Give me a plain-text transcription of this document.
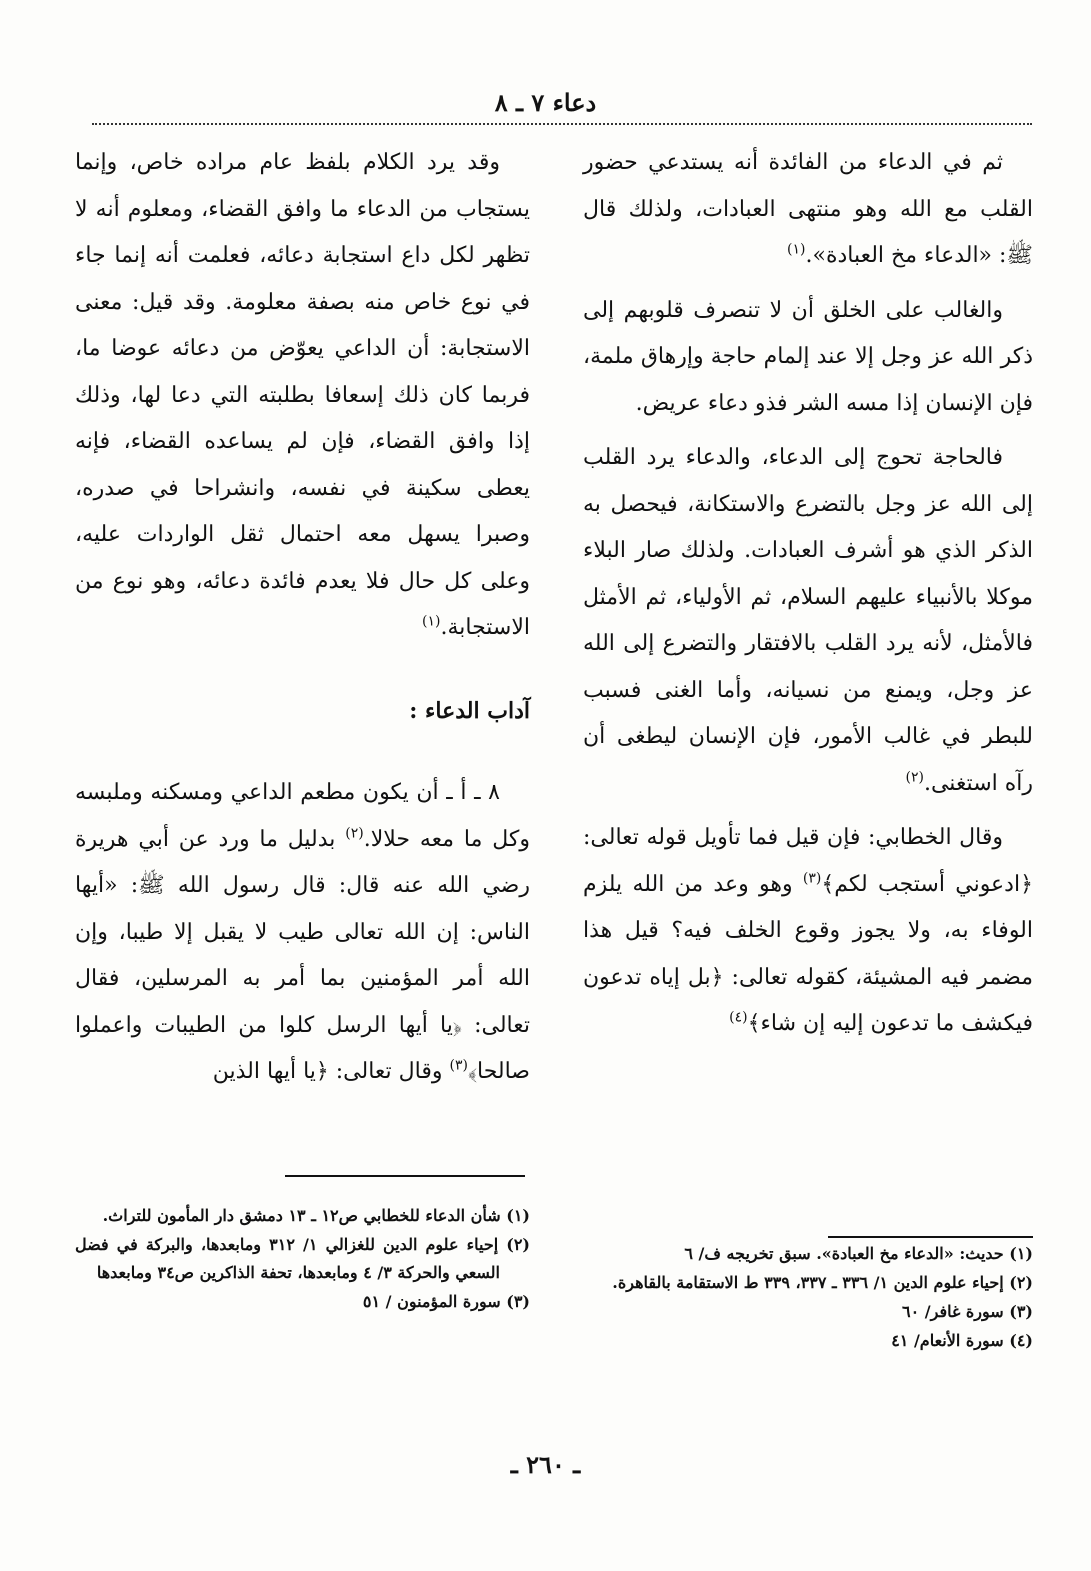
دعاء ٧ ـ ٨

ثم في الدعاء من الفائدة أنه يستدعي حضور القلب مع الله وهو منتهى العبادات، ولذلك قال ﷺ: «الدعاء مخ العبادة».$^{(١)}$

والغالب على الخلق أن لا تنصرف قلوبهم إلى ذكر الله عز وجل إلا عند إلمام حاجة وإرهاق ملمة، فإن الإنسان إذا مسه الشر فذو دعاء عريض.

فالحاجة تحوج إلى الدعاء، والدعاء يرد القلب إلى الله عز وجل بالتضرع والاستكانة، فيحصل به الذكر الذي هو أشرف العبادات. ولذلك صار البلاء موكلا بالأنبياء عليهم السلام، ثم الأولياء، ثم الأمثل فالأمثل، لأنه يرد القلب بالافتقار والتضرع إلى الله عز وجل، ويمنع من نسيانه، وأما الغنى فسبب للبطر في غالب الأمور، فإن الإنسان ليطغى أن رآه استغنى.$^{(٢)}$

وقال الخطابي: فإن قيل فما تأويل قوله تعالى: ﴿ادعوني أستجب لكم﴾$^{(٣)}$ وهو وعد من الله يلزم الوفاء به، ولا يجوز وقوع الخلف فيه؟ قيل هذا مضمر فيه المشيئة، كقوله تعالى: ﴿بل إياه تدعون فيكشف ما تدعون إليه إن شاء﴾$^{(٤)}$

وقد يرد الكلام بلفظ عام مراده خاص، وإنما يستجاب من الدعاء ما وافق القضاء، ومعلوم أنه لا تظهر لكل داع استجابة دعائه، فعلمت أنه إنما جاء في نوع خاص منه بصفة معلومة. وقد قيل: معنى الاستجابة: أن الداعي يعوّض من دعائه عوضا ما، فربما كان ذلك إسعافا بطلبته التي دعا لها، وذلك إذا وافق القضاء، فإن لم يساعده القضاء، فإنه يعطى سكينة في نفسه، وانشراحا في صدره، وصبرا يسهل معه احتمال ثقل الواردات عليه، وعلى كل حال فلا يعدم فائدة دعائه، وهو نوع من الاستجابة.$^{(١)}$

آداب الدعاء :

٨ ـ أ ـ أن يكون مطعم الداعي ومسكنه وملبسه وكل ما معه حلالا.$^{(٢)}$ بدليل ما ورد عن أبي هريرة رضي الله عنه قال: قال رسول الله ﷺ: «أيها الناس: إن الله تعالى طيب لا يقبل إلا طيبا، وإن الله أمر المؤمنين بما أمر به المرسلين، فقال تعالى: ﴿يا أيها الرسل كلوا من الطيبات واعملوا صالحا﴾$^{(٣)}$ وقال تعالى: ﴿يا أيها الذين

(١) حديث: «الدعاء مخ العبادة». سبق تخريجه ف/ ٦

(٢) إحياء علوم الدين ١/ ٣٣٦ ـ ٣٣٧، ٣٣٩ ط الاستقامة بالقاهرة.

(٣) سورة غافر/ ٦٠

(٤) سورة الأنعام/ ٤١

(١) شأن الدعاء للخطابي ص١٢ ـ ١٣ دمشق دار المأمون للتراث.

(٢) إحياء علوم الدين للغزالي ١/ ٣١٢ ومابعدها، والبركة في فضل السعي والحركة ٣/ ٤ ومابعدها، تحفة الذاكرين ص٣٤ ومابعدها

(٣) سورة المؤمنون / ٥١

ـ ٢٦٠ ـ
